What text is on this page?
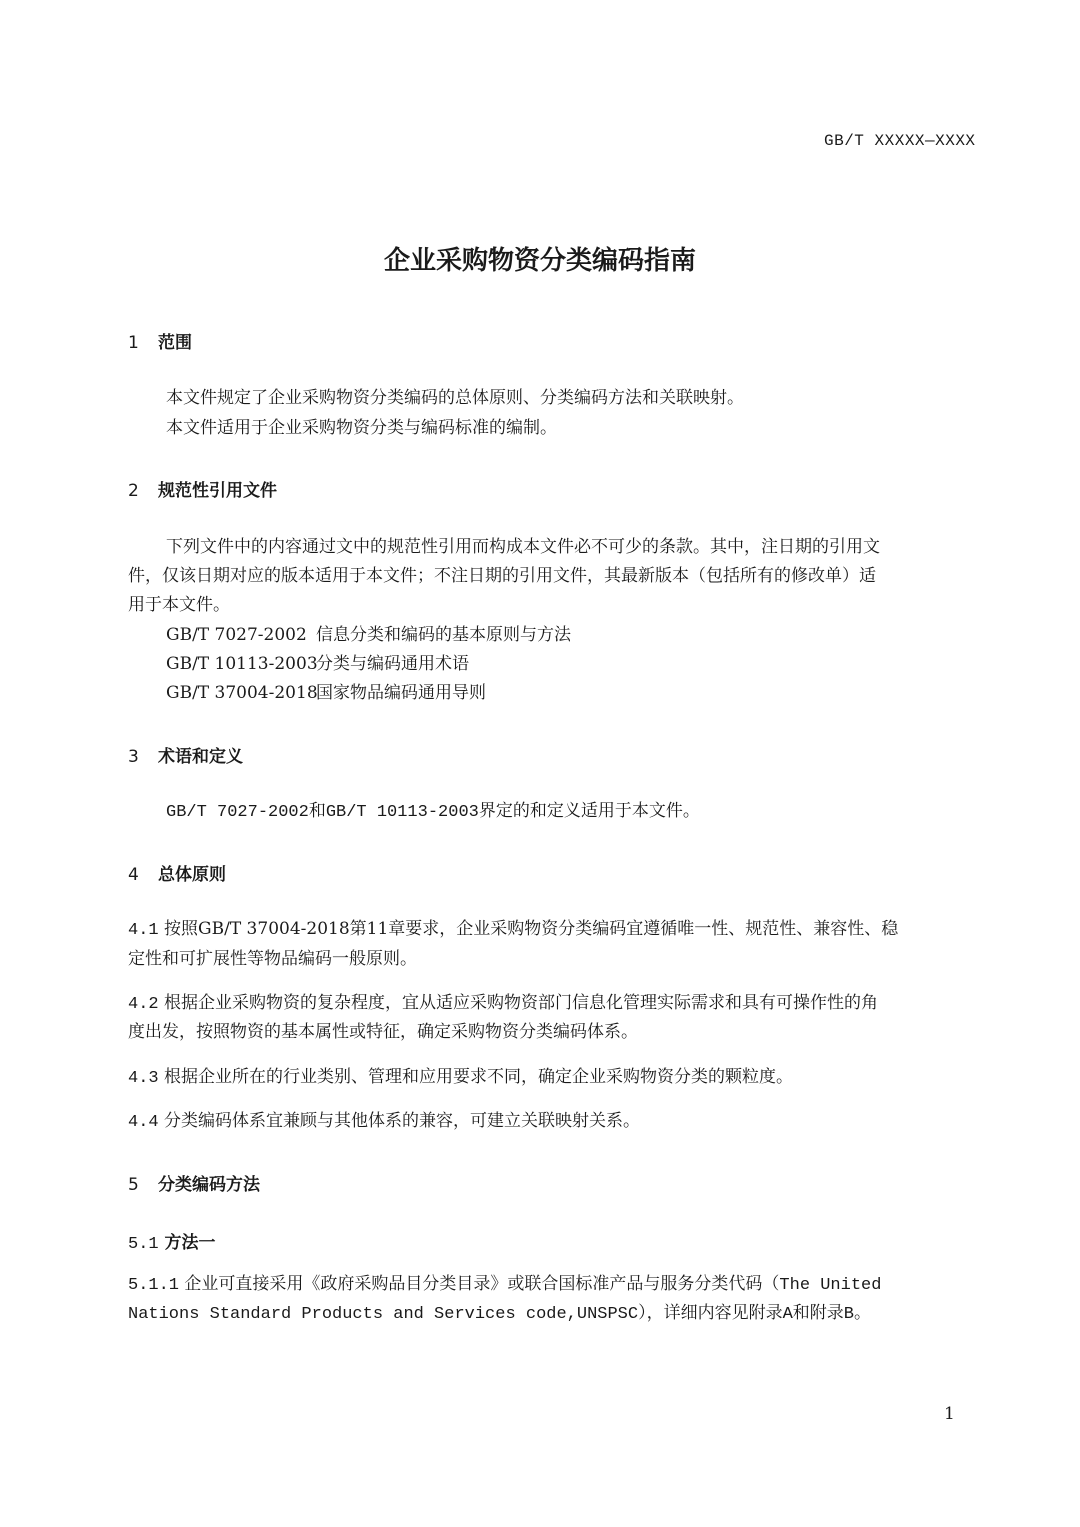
GB/T XXXXX—XXXX
企业采购物资分类编码指南
1 范围
本文件规定了企业采购物资分类编码的总体原则、分类编码方法和关联映射。
本文件适用于企业采购物资分类与编码标准的编制。
2 规范性引用文件
下列文件中的内容通过文中的规范性引用而构成本文件必不可少的条款。其中，注日期的引用文
件，仅该日期对应的版本适用于本文件；不注日期的引用文件，其最新版本（包括所有的修改单）适
用于本文件。
GB/T 7027-2002 信息分类和编码的基本原则与方法
GB/T 10113-2003分类与编码通用术语
GB/T 37004-2018国家物品编码通用导则
3 术语和定义
GB/T 7027-2002和GB/T 10113-2003界定的和定义适用于本文件。
4 总体原则
4.1 按照GB/T 37004-2018第11章要求，企业采购物资分类编码宜遵循唯一性、规范性、兼容性、稳
定性和可扩展性等物品编码一般原则。
4.2 根据企业采购物资的复杂程度，宜从适应采购物资部门信息化管理实际需求和具有可操作性的角
度出发，按照物资的基本属性或特征，确定采购物资分类编码体系。
4.3 根据企业所在的行业类别、管理和应用要求不同，确定企业采购物资分类的颗粒度。
4.4 分类编码体系宜兼顾与其他体系的兼容，可建立关联映射关系。
5 分类编码方法
5.1 方法一
5.1.1 企业可直接采用《政府采购品目分类目录》或联合国标准产品与服务分类代码（The United
Nations Standard Products and Services code,UNSPSC），详细内容见附录A和附录B。
1
